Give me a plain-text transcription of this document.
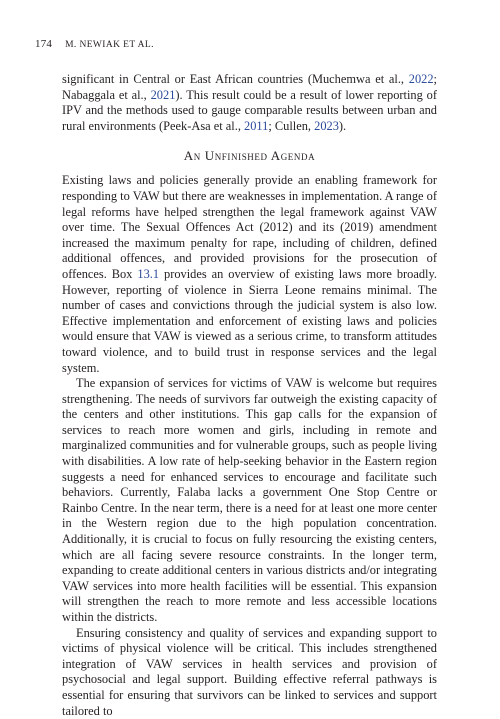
174 M. NEWIAK ET AL.

significant in Central or East African countries (Muchemwa et al., 2022; Nabaggala et al., 2021). This result could be a result of lower reporting of IPV and the methods used to gauge comparable results between urban and rural environments (Peek-Asa et al., 2011; Cullen, 2023).

An Unfinished Agenda

Existing laws and policies generally provide an enabling framework for responding to VAW but there are weaknesses in implementation. A range of legal reforms have helped strengthen the legal framework against VAW over time. The Sexual Offences Act (2012) and its (2019) amendment increased the maximum penalty for rape, including of children, defined additional offences, and provided provisions for the prosecution of offences. Box 13.1 provides an overview of existing laws more broadly. However, reporting of violence in Sierra Leone remains minimal. The number of cases and convictions through the judicial system is also low. Effective implementation and enforcement of existing laws and policies would ensure that VAW is viewed as a serious crime, to transform attitudes toward violence, and to build trust in response services and the legal system.

The expansion of services for victims of VAW is welcome but requires strengthening. The needs of survivors far outweigh the existing capacity of the centers and other institutions. This gap calls for the expansion of services to reach more women and girls, including in remote and marginalized communities and for vulnerable groups, such as people living with disabilities. A low rate of help-seeking behavior in the Eastern region suggests a need for enhanced services to encourage and facilitate such behaviors. Currently, Falaba lacks a government One Stop Centre or Rainbo Centre. In the near term, there is a need for at least one more center in the Western region due to the high population concentration. Additionally, it is crucial to focus on fully resourcing the existing centers, which are all facing severe resource constraints. In the longer term, expanding to create additional centers in various districts and/or integrating VAW services into more health facilities will be essential. This expansion will strengthen the reach to more remote and less accessible locations within the districts.

Ensuring consistency and quality of services and expanding support to victims of physical violence will be critical. This includes strengthened integration of VAW services in health services and provision of psychosocial and legal support. Building effective referral pathways is essential for ensuring that survivors can be linked to services and support tailored to
